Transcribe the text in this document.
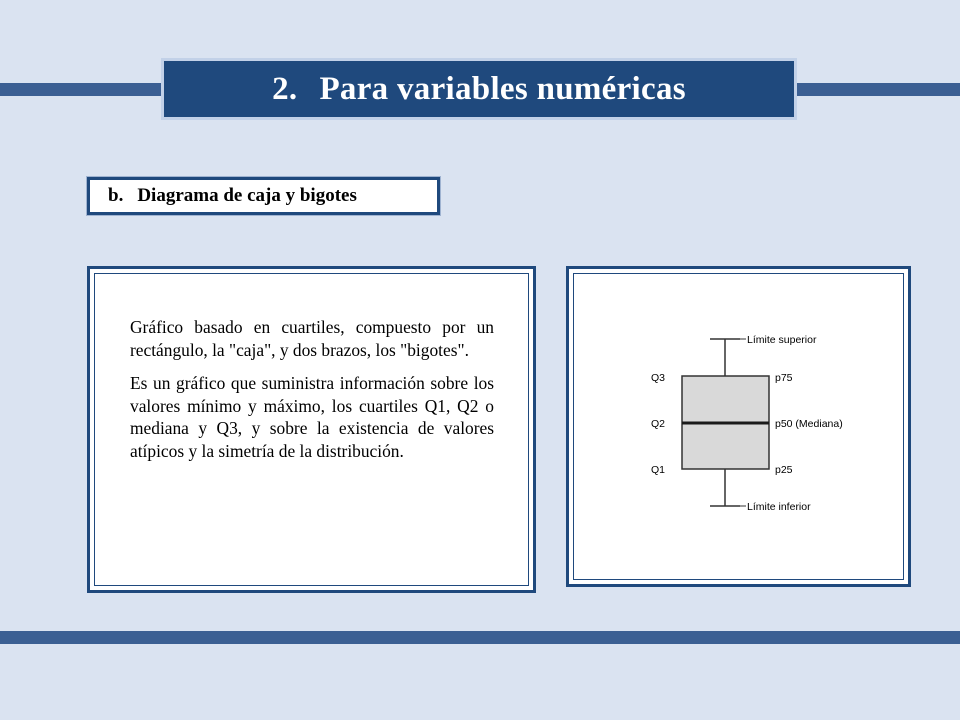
2. Para variables numéricas
b. Diagrama de caja y bigotes

Gráfico basado en cuartiles, compuesto por un rectángulo, la "caja", y dos brazos, los "bigotes".

Es un gráfico que suministra información sobre los valores mínimo y máximo, los cuartiles Q1, Q2 o mediana y Q3, y sobre la existencia de valores atípicos y la simetría de la distribución.

Q3
Q2
Q1
Límite superior
p75
p50 (Mediana)
p25
Límite inferior
